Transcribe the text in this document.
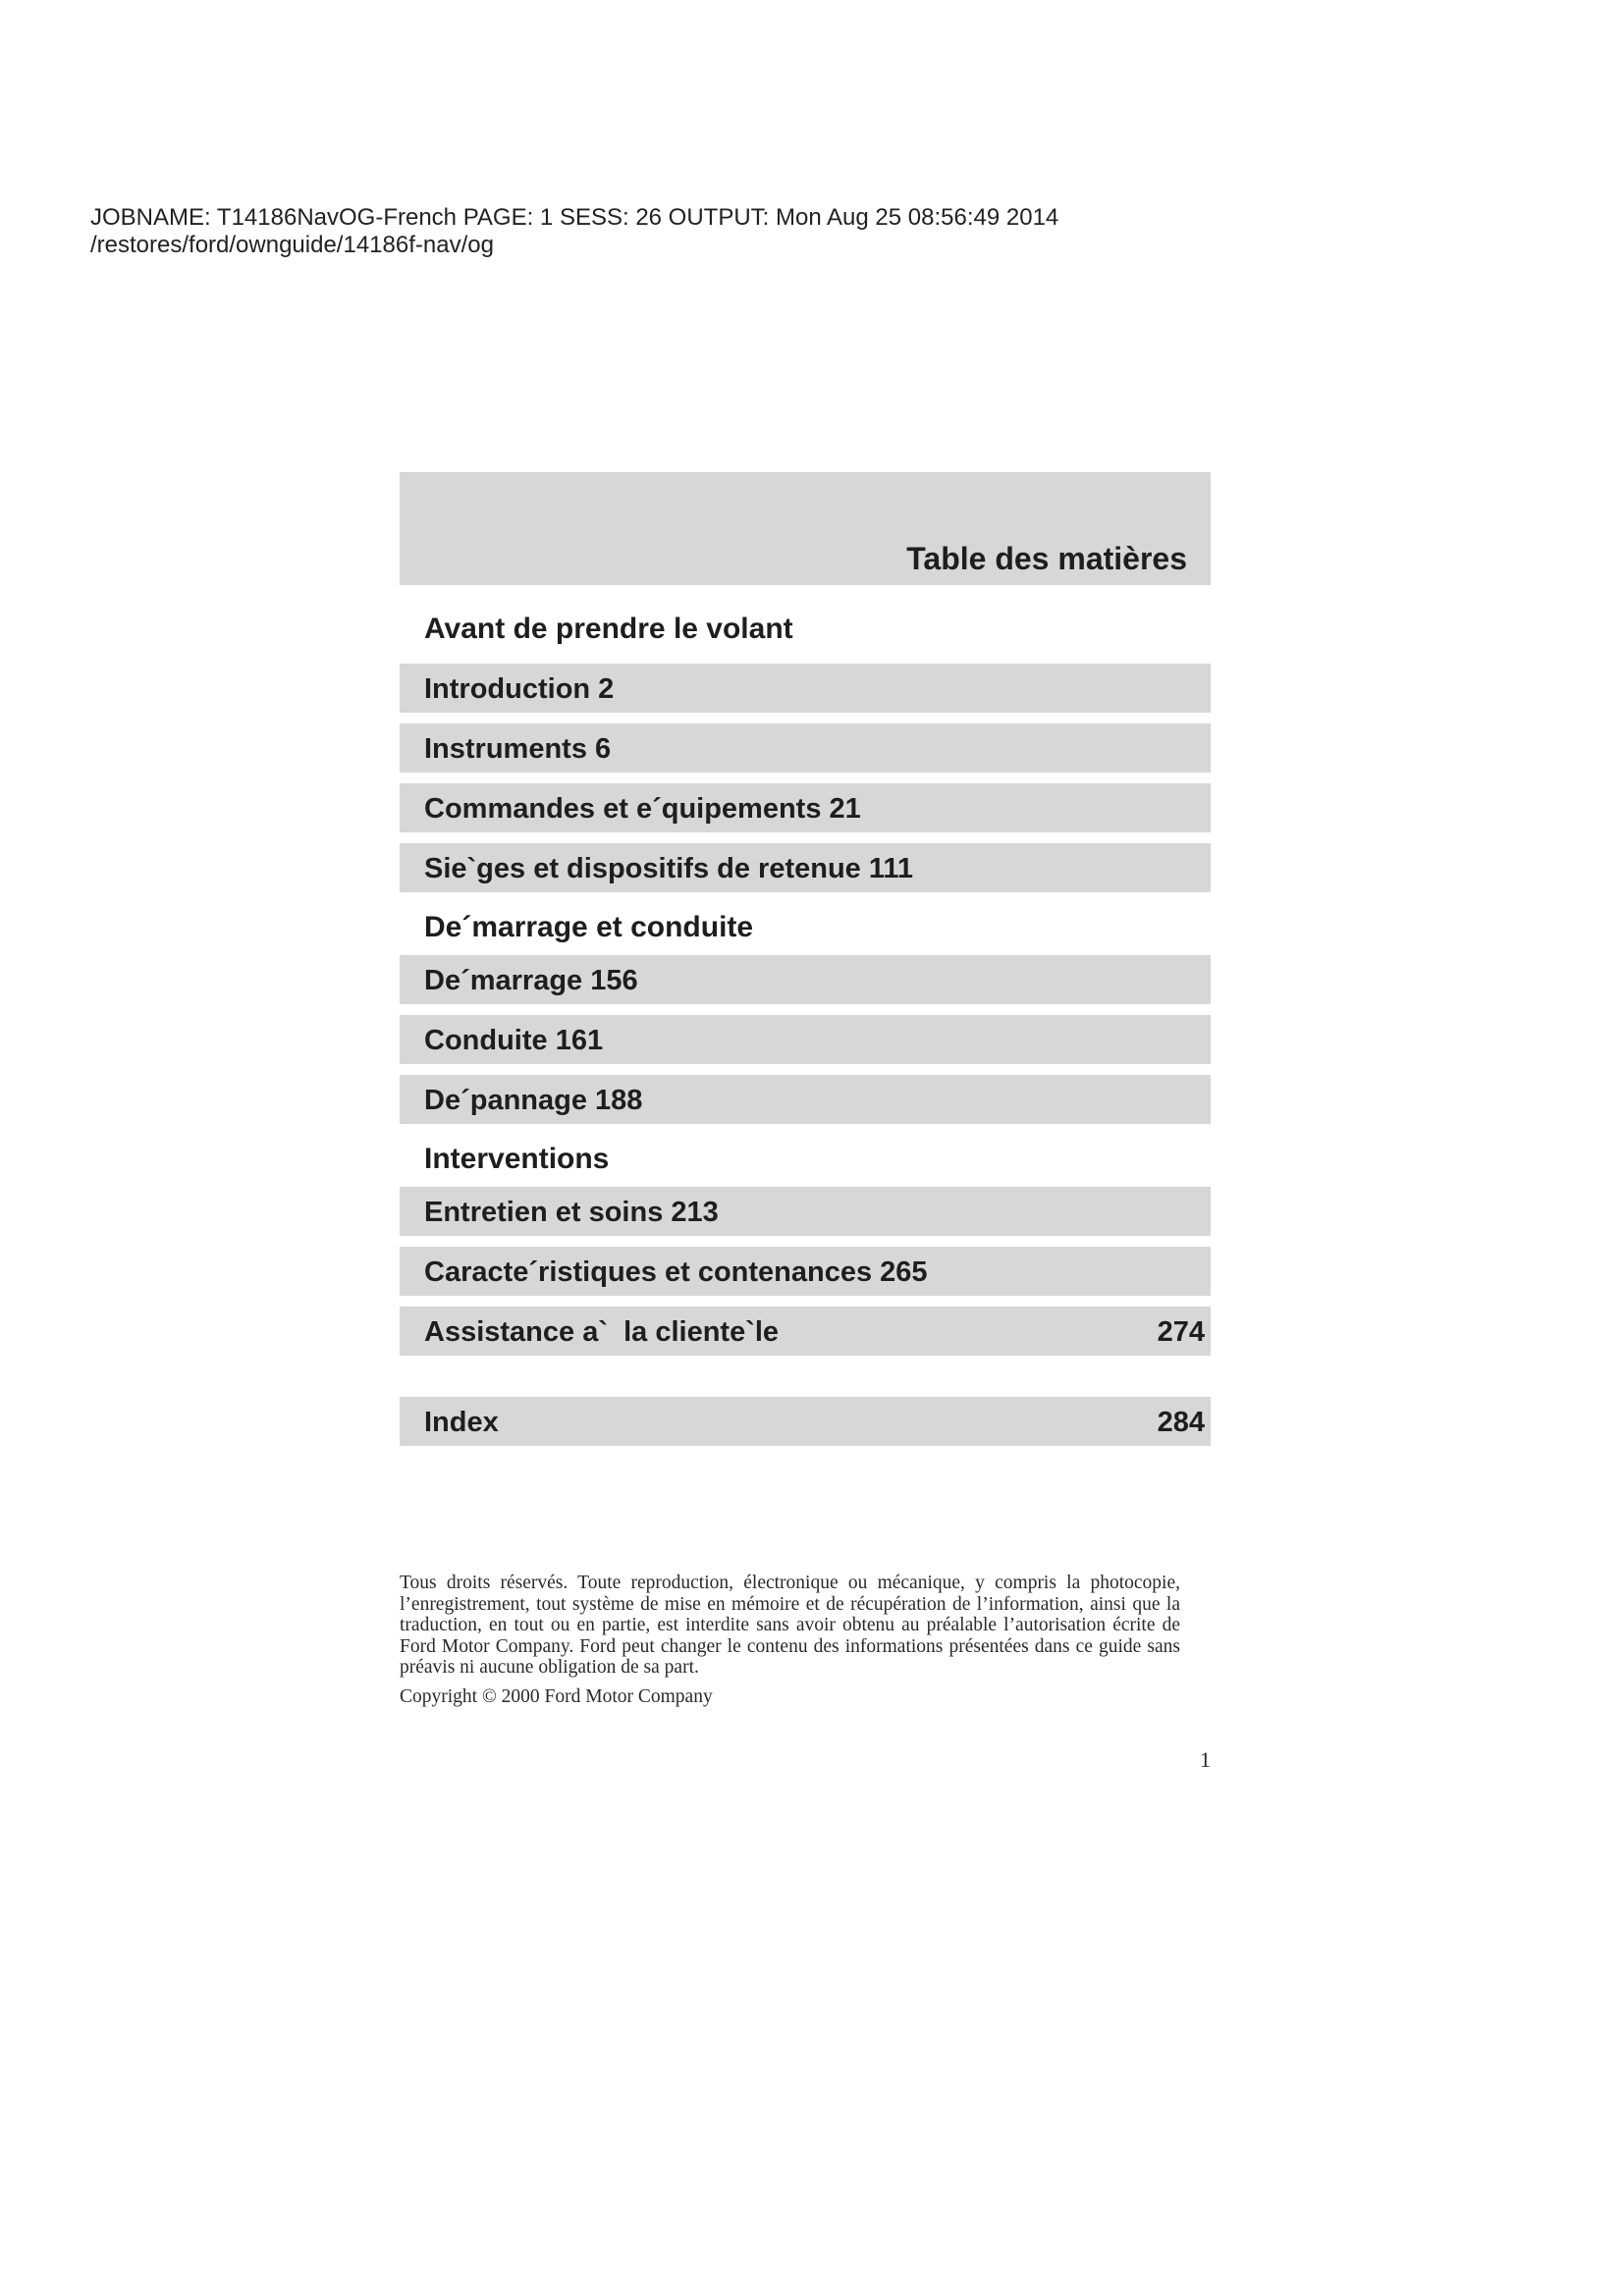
JOBNAME: T14186NavOG-French PAGE: 1 SESS: 26 OUTPUT: Mon Aug 25 08:56:49 2014
/restores/ford/ownguide/14186f-nav/og
Table des matières
Avant de prendre le volant
Introduction 2
Instruments 6
Commandes et e´quipements 21
Sie`ges et dispositifs de retenue 111
De´marrage et conduite
De´marrage 156
Conduite 161
De´pannage 188
Interventions
Entretien et soins 213
Caracte´ristiques et contenances 265
Assistance a`  la cliente`le	274
Index	284
Tous droits réservés. Toute reproduction, électronique ou mécanique, y compris la photocopie, l’enregistrement, tout système de mise en mémoire et de récupération de l’information, ainsi que la traduction, en tout ou en partie, est interdite sans avoir obtenu au préalable l’autorisation écrite de Ford Motor Company. Ford peut changer le contenu des informations présentées dans ce guide sans préavis ni aucune obligation de sa part.
Copyright © 2000 Ford Motor Company
1
